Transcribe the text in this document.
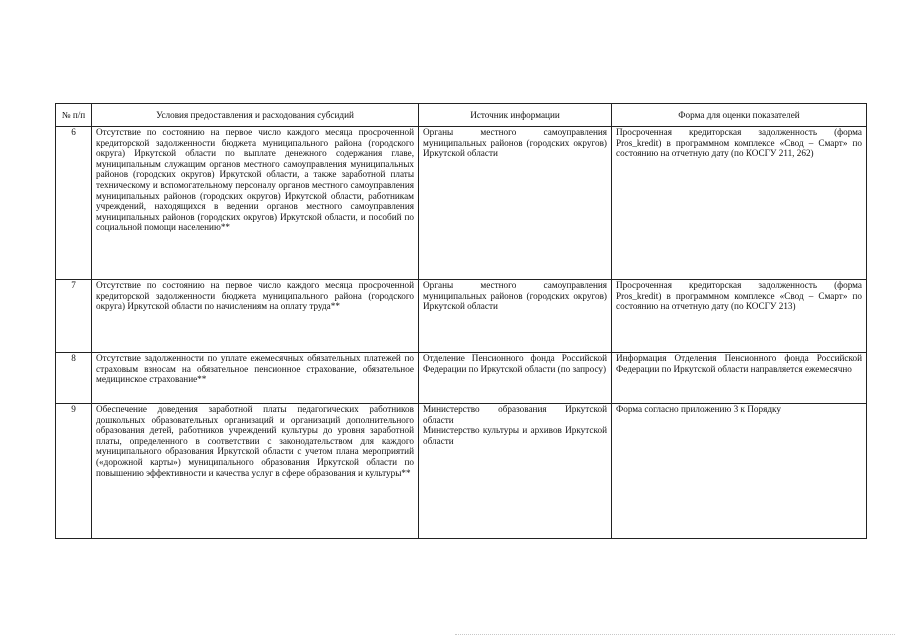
№ п/п	Условия предоставления и расходования субсидий	Источник информации	Форма для оценки показателей
6	Отсутствие по состоянию на первое число каждого месяца просроченной кредиторской задолженности бюджета муниципального района (городского округа) Иркутской области по выплате денежного содержания главе, муниципальным служащим органов местного самоуправления муниципальных районов (городских округов) Иркутской области, а также заработной платы техническому и вспомогательному персоналу органов местного самоуправления муниципальных районов (городских округов) Иркутской области, работникам учреждений, находящихся в ведении органов местного самоуправления муниципальных районов (городских округов) Иркутской области, и пособий по социальной помощи населению**	Органы местного самоуправления муниципальных районов (городских округов) Иркутской области	Просроченная кредиторская задолженность (форма Pros_kredit) в программном комплексе «Свод – Смарт» по состоянию на отчетную дату (по КОСГУ 211, 262)
7	Отсутствие по состоянию на первое число каждого месяца просроченной кредиторской задолженности бюджета муниципального района (городского округа) Иркутской области по начислениям на оплату труда**	Органы местного самоуправления муниципальных районов (городских округов) Иркутской области	Просроченная кредиторская задолженность (форма Pros_kredit) в программном комплексе «Свод – Смарт» по состоянию на отчетную дату (по КОСГУ 213)
8	Отсутствие задолженности по уплате ежемесячных обязательных платежей по страховым взносам на обязательное пенсионное страхование, обязательное медицинское страхование**	Отделение Пенсионного фонда Российской Федерации по Иркутской области (по запросу)	Информация Отделения Пенсионного фонда Российской Федерации по Иркутской области направляется ежемесячно
9	Обеспечение доведения заработной платы педагогических работников дошкольных образовательных организаций и организаций дополнительного образования детей, работников учреждений культуры до уровня заработной платы, определенного в соответствии с законодательством для каждого муниципального образования Иркутской области с учетом плана мероприятий («дорожной карты») муниципального образования Иркутской области по повышению эффективности и качества услуг в сфере образования и культуры**	Министерство образования Иркутской области
Министерство культуры и архивов Иркутской области	Форма согласно приложению 3 к Порядку
